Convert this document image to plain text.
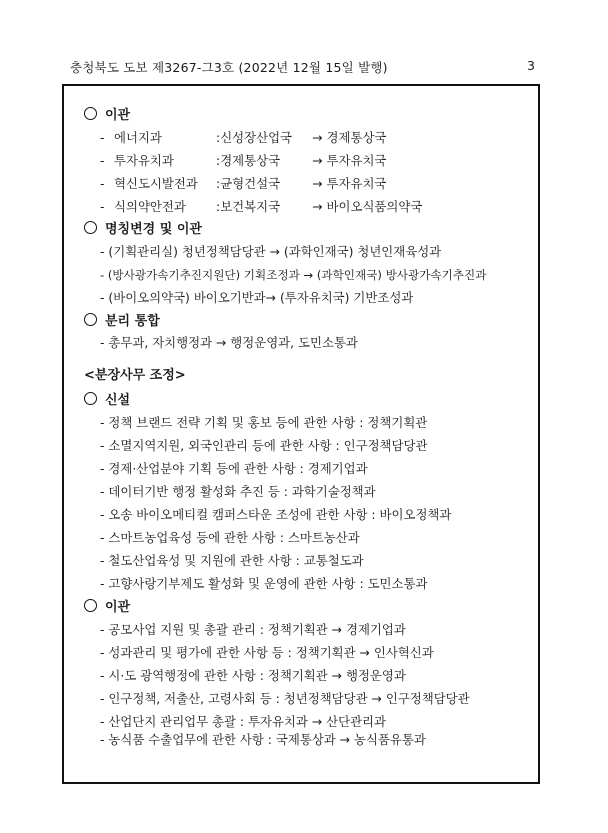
충청북도 도보 제3267-그3호 (2022년 12월 15일 발행)	3
이관
- 에너지과	:신성장산업국 → 경제통상국
- 투자유치과	:경제통상국	→ 투자유치국
- 혁신도시발전과 :균형건설국	→ 투자유치국
- 식의약안전과 :보건복지국	→ 바이오식품의약국
명칭변경 및 이관
- (기획관리실) 청년정책담당관 → (과학인재국) 청년인재육성과
- (방사광가속기추진지원단) 기획조정과 → (과학인재국) 방사광가속기추진과
- (바이오의약국) 바이오기반과→ (투자유치국) 기반조성과
분리 통합
- 총무과, 자치행정과 → 행정운영과, 도민소통과
<분장사무 조정>
신설
- 정책 브랜드 전략 기획 및 홍보 등에 관한 사항 : 정책기획관
- 소멸지역지원, 외국인관리 등에 관한 사항 : 인구정책담당관
- 경제·산업분야 기획 등에 관한 사항 : 경제기업과
- 데이터기반 행정 활성화 추진 등 : 과학기술정책과
- 오송 바이오메티컬 캠퍼스타운 조성에 관한 사항 : 바이오정책과
- 스마트농업육성 등에 관한 사항 : 스마트농산과
- 철도산업육성 및 지원에 관한 사항 : 교통철도과
- 고향사랑기부제도 활성화 및 운영에 관한 사항 : 도민소통과
이관
- 공모사업 지원 및 총괄 관리 : 정책기획관 → 경제기업과
- 성과관리 및 평가에 관한 사항 등 : 정책기획관 → 인사혁신과
- 시·도 광역행정에 관한 사항 : 정책기획관 → 행정운영과
- 인구정책, 저출산, 고령사회 등 : 청년정책담당관 → 인구정책담당관
- 산업단지 관리업무 총괄 : 투자유치과 → 산단관리과
- 농식품 수출업무에 관한 사항 : 국제통상과 → 농식품유통과
